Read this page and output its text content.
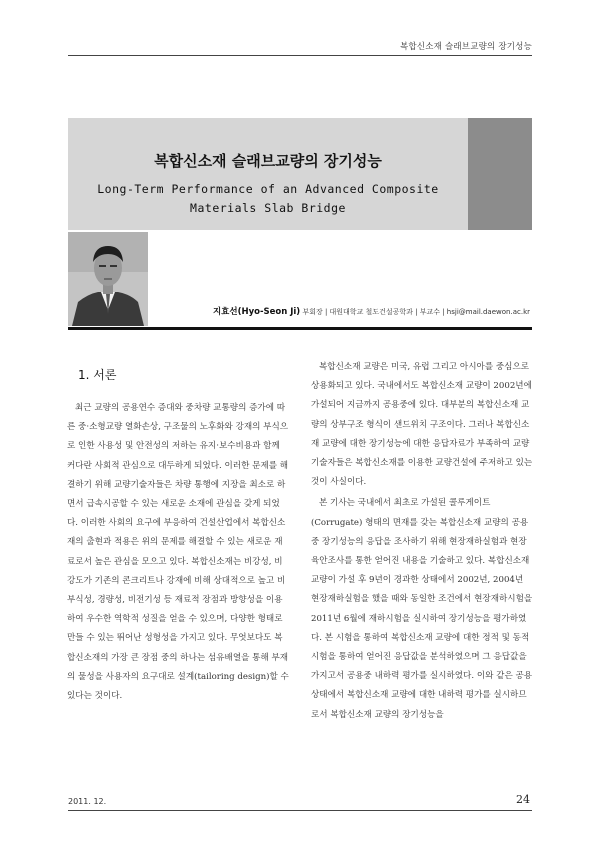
복합신소재 슬래브교량의 장기성능
복합신소재 슬래브교량의 장기성능
Long-Term Performance of an Advanced Composite
Materials Slab Bridge
지효선(Hyo-Seon Ji) 부회장 | 대원대학교 철도건설공학과 | 부교수 | hsji@mail.daewon.ac.kr
1. 서론

최근 교량의 공용연수 증대와 중차량 교통량의 증가에 따른 중·소형교량 열화손상, 구조물의 노후화와 강재의 부식으로 인한 사용성 및 안전성의 저하는 유지·보수비용과 함께 커다란 사회적 관심으로 대두하게 되었다. 이러한 문제를 해결하기 위해 교량기술자들은 차량 통행에 지장을 최소로 하면서 급속시공할 수 있는 새로운 소재에 관심을 갖게 되었다. 이러한 사회의 요구에 부응하여 건설산업에서 복합신소재의 출현과 적용은 위의 문제를 해결할 수 있는 새로운 재료로서 높은 관심을 모으고 있다. 복합신소재는 비강성, 비강도가 기존의 콘크리트나 강재에 비해 상대적으로 높고 비부식성, 경량성, 비전기성 등 재료적 장점과 방향성을 이용하여 우수한 역학적 성질을 얻을 수 있으며, 다양한 형태로 만들 수 있는 뛰어난 성형성을 가지고 있다. 무엇보다도 복합신소재의 가장 큰 장점 중의 하나는 섬유배열을 통해 부재의 물성을 사용자의 요구대로 설계(tailoring design)할 수 있다는 것이다.

복합신소재 교량은 미국, 유럽 그리고 아시아를 중심으로 상용화되고 있다. 국내에서도 복합신소재 교량이 2002년에 가설되어 지금까지 공용중에 있다. 대부분의 복합신소재 교량의 상부구조 형식이 샌드위치 구조이다. 그러나 복합신소재 교량에 대한 장기성능에 대한 응답자료가 부족하여 교량기술자들은 복합신소재를 이용한 교량건설에 주저하고 있는 것이 사실이다.

본 기사는 국내에서 최초로 가설된 콜루게이트(Corrugate) 형태의 면재를 갖는 복합신소재 교량의 공용중 장기성능의 응답을 조사하기 위해 현장재하실험과 현장 육안조사를 통한 얻어진 내용을 기술하고 있다. 복합신소재 교량이 가설 후 9년이 경과한 상태에서 2002년, 2004년 현장재하실험을 했을 때와 동일한 조건에서 현장재하시험을 2011년 6월에 재하시험을 실시하여 장기성능을 평가하였다. 본 시험을 통하여 복합신소재 교량에 대한 정적 및 동적시험을 통하여 얻어진 응답값을 분석하였으며 그 응답값을 가지고서 공용중 내하력 평가를 실시하였다. 이와 같은 공용상태에서 복합신소재 교량에 대한 내하력 평가를 실시하므로서 복합신소재 교량의 장기성능을

2011. 12.	24
